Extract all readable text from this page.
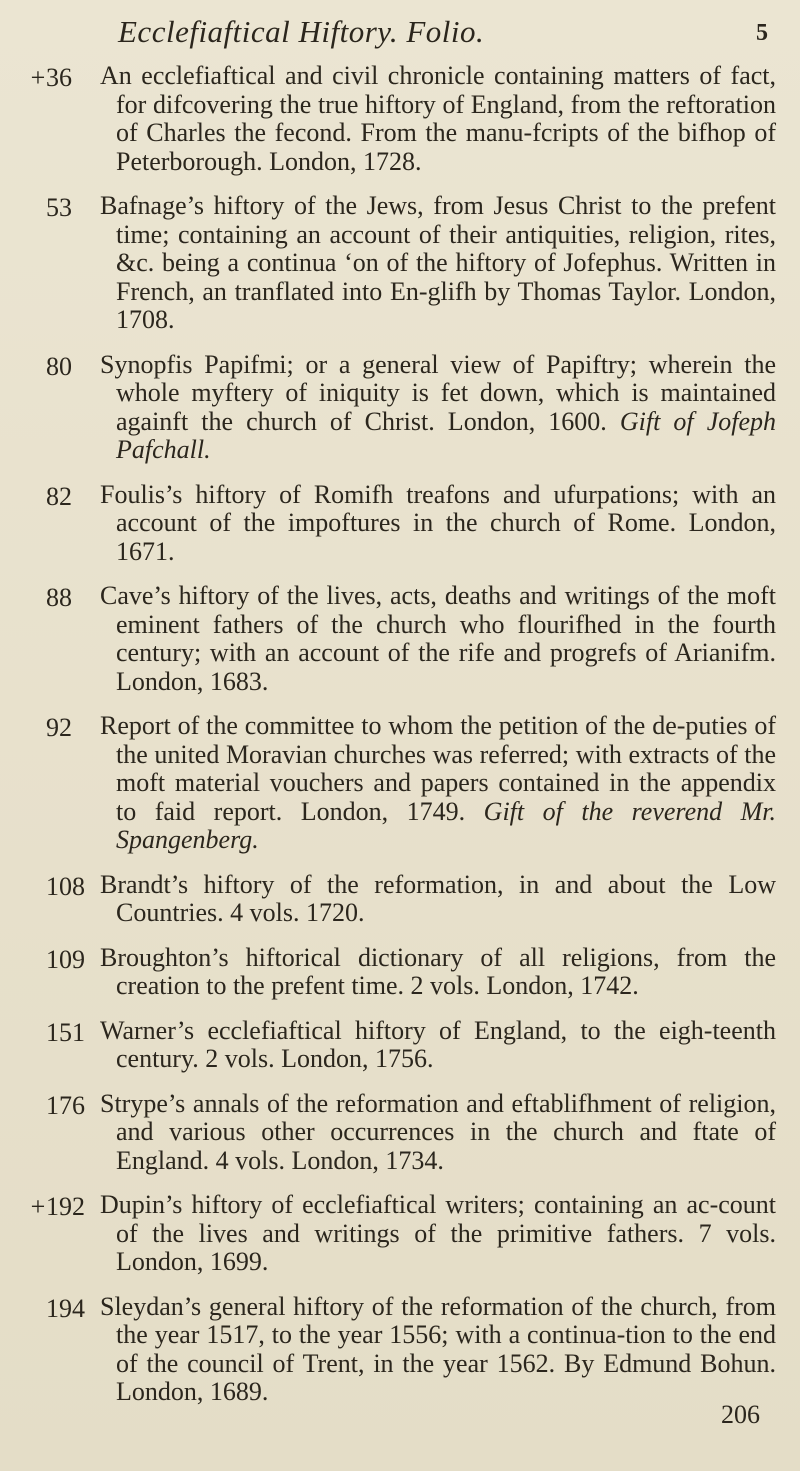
Ecclefiaftical Hiftory. Folio.	5
+ 36	An ecclefiaftical and civil chronicle containing matters of fact, for difcovering the true hiftory of England, from the reftoration of Charles the fecond. From the manu-fcripts of the bifhop of Peterborough. London, 1728.

53	Bafnage’s hiftory of the Jews, from Jesus Christ to the prefent time; containing an account of their antiquities, religion, rites, &c. being a continua ‘on of the hiftory of Jofephus. Written in French, an tranflated into En-glifh by Thomas Taylor. London, 1708.

80	Synopfis Papifmi; or a general view of Papiftry; wherein the whole myftery of iniquity is fet down, which is maintained againft the church of Christ. London, 1600. Gift of Jofeph Pafchall.

82	Foulis’s hiftory of Romifh treafons and ufurpations; with an account of the impoftures in the church of Rome. London, 1671.

88	Cave’s hiftory of the lives, acts, deaths and writings of the moft eminent fathers of the church who flourifhed in the fourth century; with an account of the rife and progrefs of Arianifm. London, 1683.

92	Report of the committee to whom the petition of the de-puties of the united Moravian churches was referred; with extracts of the moft material vouchers and papers contained in the appendix to faid report. London, 1749. Gift of the reverend Mr. Spangenberg.

108 Brandt’s hiftory of the reformation, in and about the Low Countries. 4 vols. 1720.

109 Broughton’s hiftorical dictionary of all religions, from the creation to the prefent time. 2 vols. London, 1742.

151 Warner’s ecclefiaftical hiftory of England, to the eigh-teenth century. 2 vols. London, 1756.

176 Strype’s annals of the reformation and eftablifhment of religion, and various other occurrences in the church and ftate of England. 4 vols. London, 1734.

+ 192 Dupin’s hiftory of ecclefiaftical writers; containing an ac-count of the lives and writings of the primitive fathers. 7 vols. London, 1699.

194 Sleydan’s general hiftory of the reformation of the church, from the year 1517, to the year 1556; with a continua-tion to the end of the council of Trent, in the year 1562. By Edmund Bohun. London, 1689.

206
